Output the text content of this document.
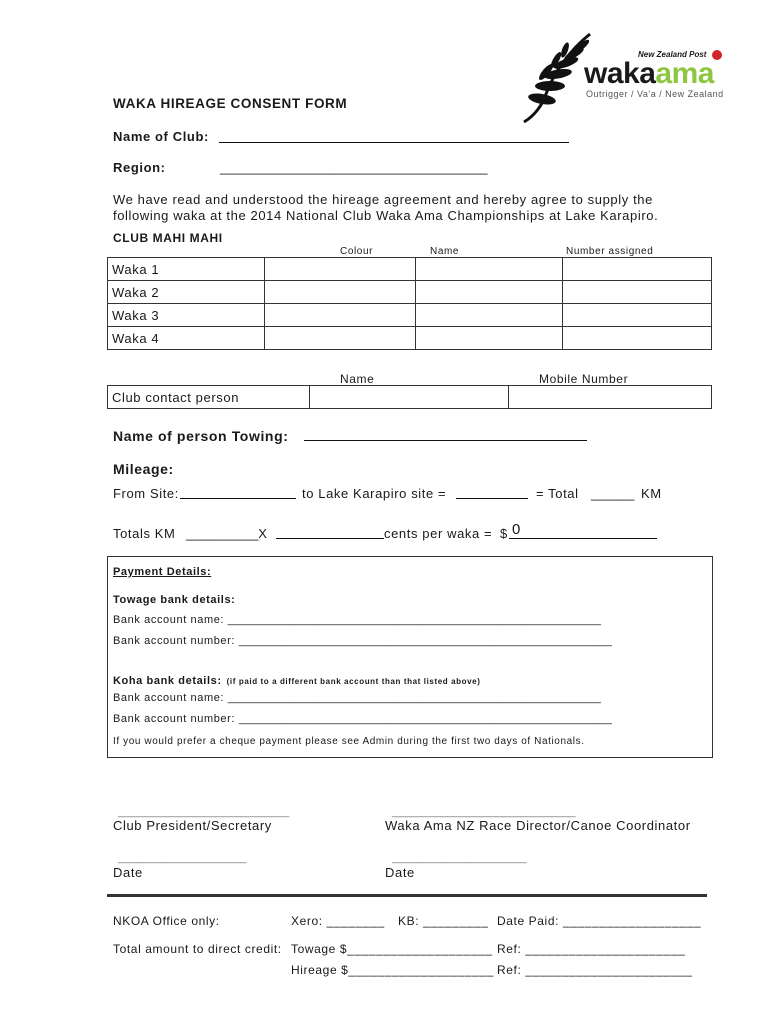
New Zealand Post
wakaama
Outrigger / Va'a / New Zealand
WAKA HIREAGE CONSENT FORM
Name of Club:
Region:	_____________________________________
We have read and understood the hireage agreement and hereby agree to supply the
following waka at the 2014 National Club Waka Ama Championships at Lake Karapiro.
CLUB MAHI MAHI
Colour	Name	Number assigned
Waka 1			
Waka 2			
Waka 3			
Waka 4			
Name	Mobile Number
Club contact person		
Name of person Towing:
Mileage:
From Site:	to Lake Karapiro site =	= Total ______ KM
Totals KM __________X	cents per waka = $ 0
Payment Details:
Towage bank details:
Bank account name: _____________________________________________________________
Bank account number: _____________________________________________________________
Koha bank details: (if paid to a different bank account than that listed above)
Bank account name: _____________________________________________________________
Bank account number: _____________________________________________________________
If you would prefer a cheque payment please see Admin during the first two days of Nationals.
____________________________	______________________________
Club President/Secretary	Waka Ama NZ Race Director/Canoe Coordinator
_____________________	______________________
Date	Date
NKOA Office only:	Xero: ________ KB: _________ Date Paid: ___________________
Total amount to direct credit: Towage $____________________ Ref: ______________________
Hireage $____________________ Ref: _______________________
